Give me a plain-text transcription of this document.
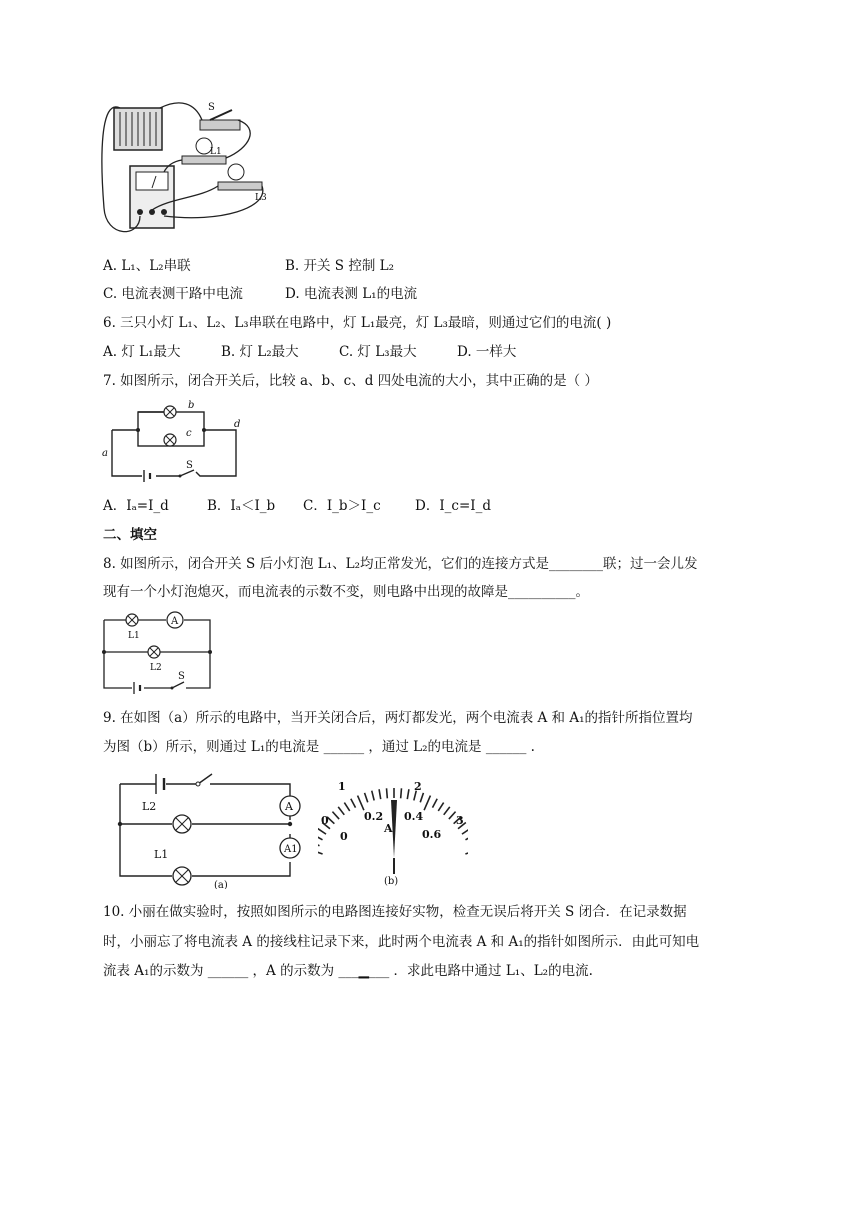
S
L1
L3
A. L₁、L₂串联	B. 开关 S 控制 L₂
C. 电流表测干路中电流	D. 电流表测 L₁的电流
6. 三只小灯 L₁、L₂、L₃串联在电路中，灯 L₁最亮，灯 L₃最暗，则通过它们的电流( )
A. 灯 L₁最大	B. 灯 L₂最大	C. 灯 L₃最大	D. 一样大
7. 如图所示，闭合开关后，比较 a、b、c、d 四处电流的大小，其中正确的是（ ）
S
a
b
c
d
A．Iₐ=I_d	B．Iₐ＜I_b C．I_b＞I_c	D．I_c=I_d
二、填空
8. 如图所示，闭合开关 S 后小灯泡 L₁、L₂均正常发光，它们的连接方式是________联；过一会儿发
现有一个小灯泡熄灭，而电流表的示数不变，则电路中出现的故障是__________。
A
L1
L2
S
9. 在如图（a）所示的电路中，当开关闭合后，两灯都发光，两个电流表 A 和 A₁的指针所指位置均
为图（b）所示，则通过 L₁的电流是 ______ ，通过 L₂的电流是 ______ .
A
A1
L2
L1
(a)
0
1	2
3
0
0.2 0.4
0.6
A
(b)
10. 小丽在做实验时，按照如图所示的电路图连接好实物，检查无误后将开关 S 闭合．在记录数据
时，小丽忘了将电流表 A 的接线柱记录下来，此时两个电流表 A 和 A₁的指针如图所示．由此可知电
流表 A₁的示数为 ______ ，A 的示数为 ___▁___ ．求此电路中通过 L₁、L₂的电流.
